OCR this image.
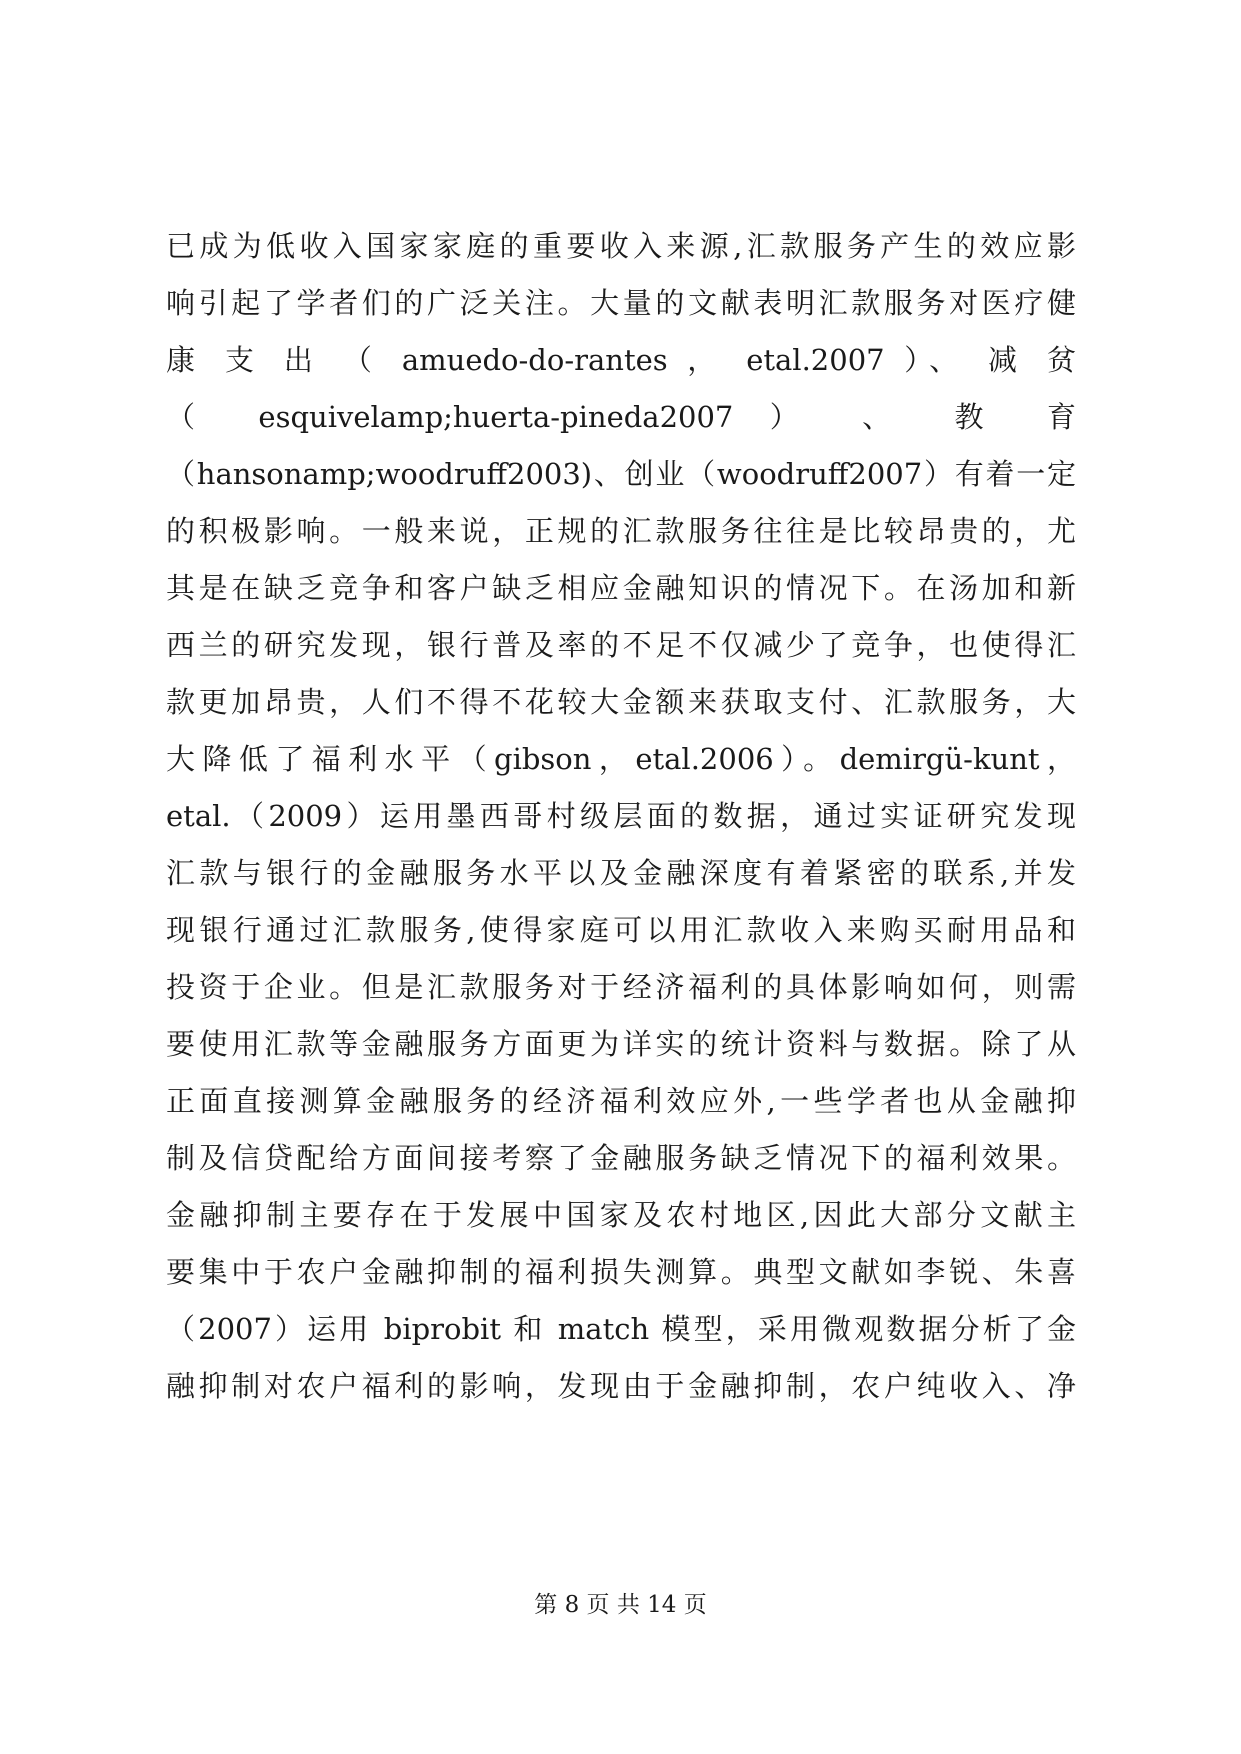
已成为低收入国家家庭的重要收入来源,汇款服务产生的效应影
响引起了学者们的广泛关注。大量的文献表明汇款服务对医疗健
康 支 出 （ amuedo-do-rantes ， etal.2007 ）、 减 贫
（ esquivelamp;huerta-pineda2007 ） 、 教 育
（hansonamp;woodruff2003)、创业（woodruff2007）有着一定
的积极影响。一般来说，正规的汇款服务往往是比较昂贵的，尤
其是在缺乏竞争和客户缺乏相应金融知识的情况下。在汤加和新
西兰的研究发现，银行普及率的不足不仅减少了竞争，也使得汇
款更加昂贵，人们不得不花较大金额来获取支付、汇款服务，大
大降低了福利水平（gibson，etal.2006）。demirgü-kunt，
etal.（2009）运用墨西哥村级层面的数据，通过实证研究发现
汇款与银行的金融服务水平以及金融深度有着紧密的联系,并发
现银行通过汇款服务,使得家庭可以用汇款收入来购买耐用品和
投资于企业。但是汇款服务对于经济福利的具体影响如何，则需
要使用汇款等金融服务方面更为详实的统计资料与数据。除了从
正面直接测算金融服务的经济福利效应外,一些学者也从金融抑
制及信贷配给方面间接考察了金融服务缺乏情况下的福利效果。
金融抑制主要存在于发展中国家及农村地区,因此大部分文献主
要集中于农户金融抑制的福利损失测算。典型文献如李锐、朱喜
（2007）运用 biprobit 和 match 模型，采用微观数据分析了金
融抑制对农户福利的影响，发现由于金融抑制，农户纯收入、净
第 8 页 共 14 页
